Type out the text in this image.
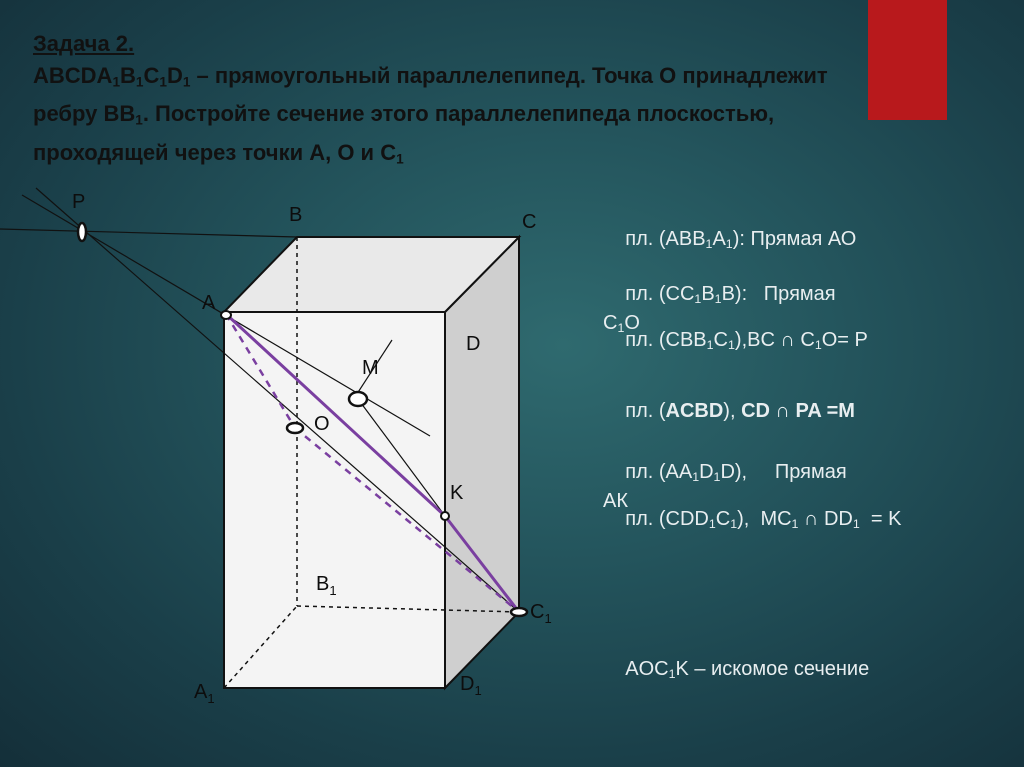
Задача 2.
$ABCDA_1B_1C_1D_1$ – прямоугольный параллелепипед. Точка О принадлежит
ребру $BB_1$. Постройте сечение этого параллелепипеда плоскостью,
проходящей через точки А, О и $С_1$
P
B	C
A
D
M
O
K
$B_1$
$C_1$
$A_1$
$D_1$

пл. $(ABB_1A_1)$: Прямая АО

пл. $(CC_1B_1B)$:   Прямая
$С_1О$

пл. $(CBB_1C_1),BC$ ∩ $C_1O= P$

пл. (ACBD), CD ∩ PA =M

пл. $(AA_1D_1D)$,     Прямая
АК

пл. $(CDD_1C_1)$,  $MC_1$ ∩ $DD_1 = K$

$AOC_1K$ – искомое сечение
